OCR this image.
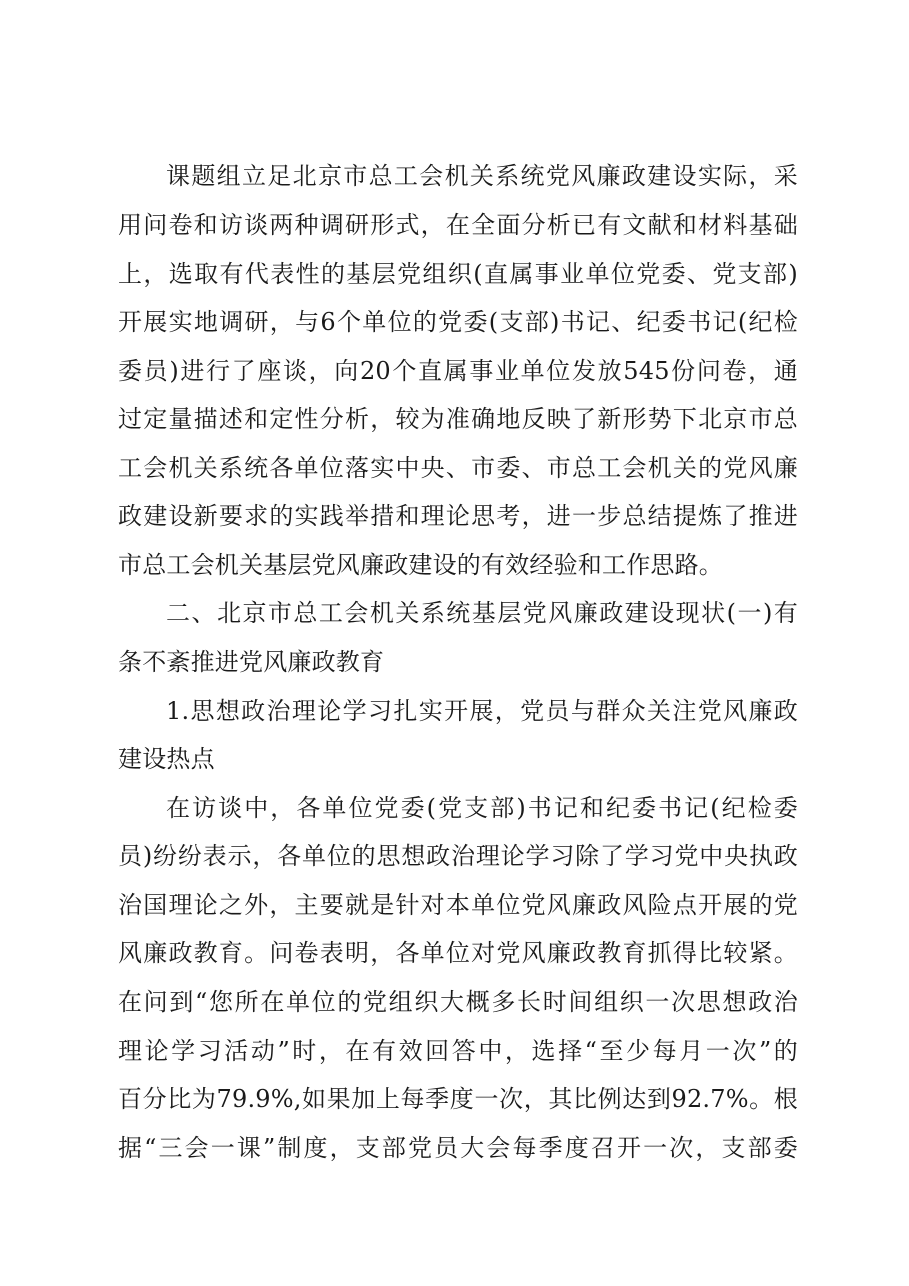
课题组立足北京市总工会机关系统党风廉政建设实际，采
用问卷和访谈两种调研形式，在全面分析已有文献和材料基础
上，选取有代表性的基层党组织(直属事业单位党委、党支部)
开展实地调研，与6个单位的党委(支部)书记、纪委书记(纪检
委员)进行了座谈，向20个直属事业单位发放545份问卷，通
过定量描述和定性分析，较为准确地反映了新形势下北京市总
工会机关系统各单位落实中央、市委、市总工会机关的党风廉
政建设新要求的实践举措和理论思考，进一步总结提炼了推进
市总工会机关基层党风廉政建设的有效经验和工作思路。
二、北京市总工会机关系统基层党风廉政建设现状(一)有
条不紊推进党风廉政教育
1.思想政治理论学习扎实开展，党员与群众关注党风廉政
建设热点
在访谈中，各单位党委(党支部)书记和纪委书记(纪检委
员)纷纷表示，各单位的思想政治理论学习除了学习党中央执政
治国理论之外，主要就是针对本单位党风廉政风险点开展的党
风廉政教育。问卷表明，各单位对党风廉政教育抓得比较紧。
在问到“您所在单位的党组织大概多长时间组织一次思想政治
理论学习活动”时，在有效回答中，选择“至少每月一次”的
百分比为79.9%,如果加上每季度一次，其比例达到92.7%。根
据“三会一课”制度，支部党员大会每季度召开一次，支部委
